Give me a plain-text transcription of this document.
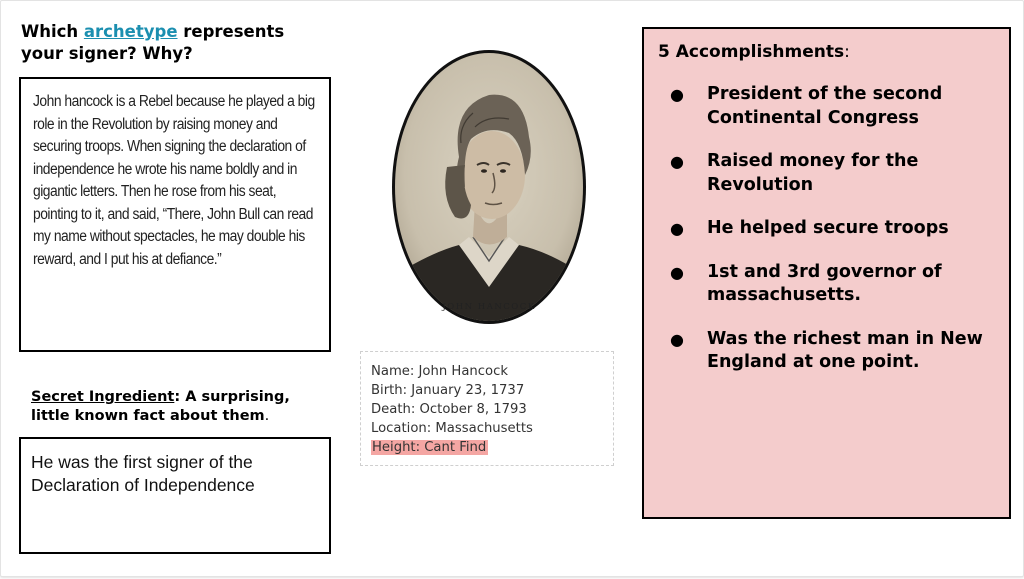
Which archetype represents your signer? Why?
John hancock is a Rebel because he played a big role in the Revolution by raising money and securing troops. When signing the declaration of independence he wrote his name boldly and in gigantic letters. Then he rose from his seat, pointing to it, and said, “There, John Bull can read my name without spectacles, he may double his reward, and I put his at defiance.”
Secret Ingredient: A surprising, little known fact about them.
He was the first signer of the Declaration of Independence
JOHN HANCOCK
Name: John Hancock
Birth: January 23, 1737
Death: October 8, 1793
Location: Massachusetts
Height: Cant Find
5 Accomplishments:
● President of the second Continental Congress
● Raised money for the Revolution
● He helped secure troops
● 1st and 3rd governor of massachusetts.
● Was the richest man in New England at one point.
